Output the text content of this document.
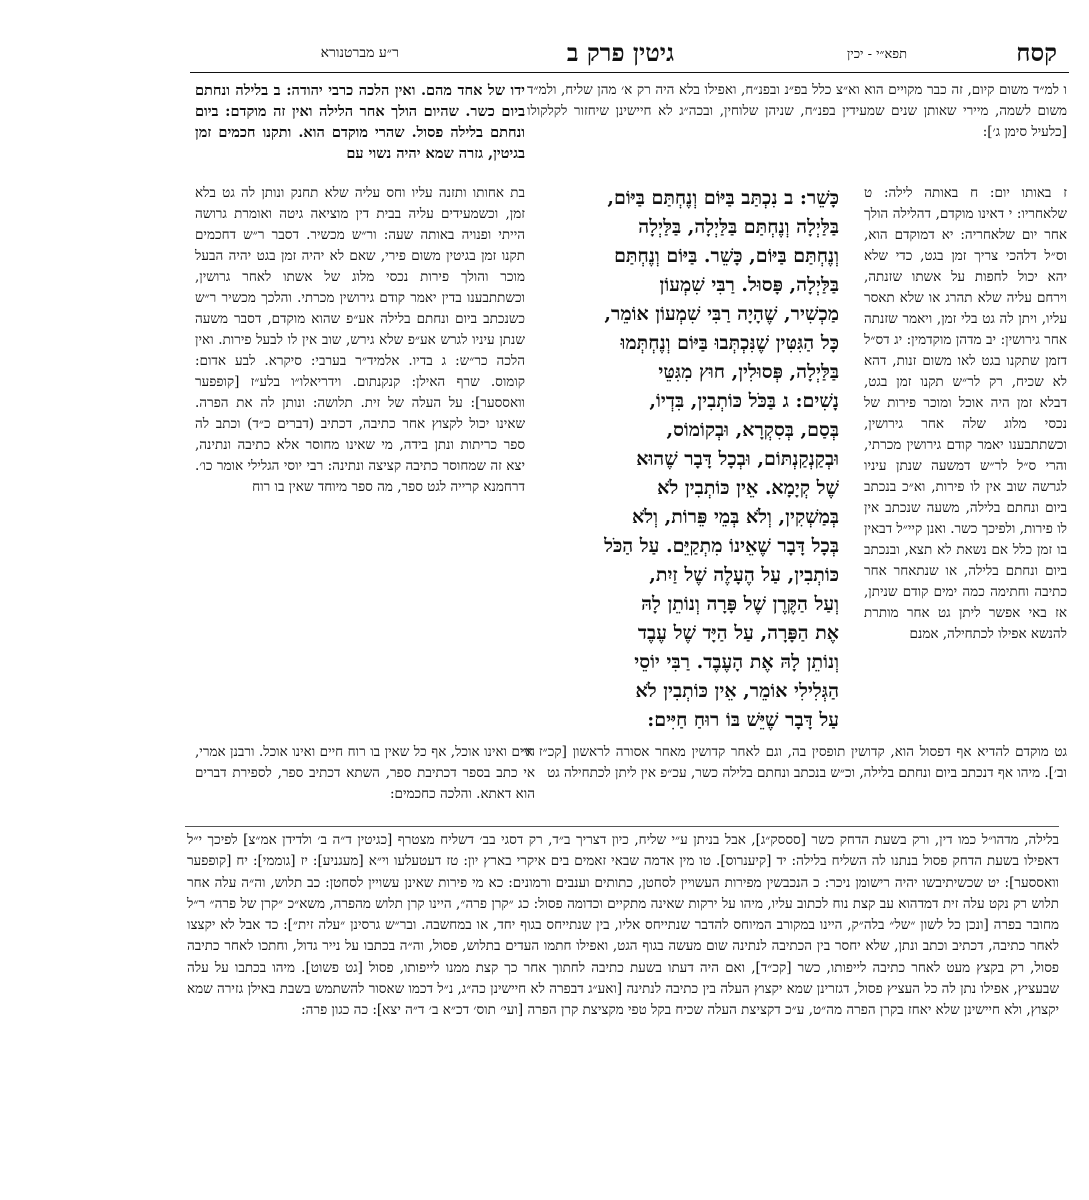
קסח
תפא״י - יכין
גיטין פרק ב
ר״ע מברטנורא
ו למ״ד משום קיום, זה כבר מקויים הוא וא״צ כלל בפ״נ ובפנ״ח, ואפילו בלא היה רק א׳ מהן שליח, ולמ״ד משום לשמה, מיירי שאותן שנים שמעידין בפנ״ח, שניהן שלוחין, ובכה״ג לא חיישינן שיחזור לקלקולו [כלעיל סימן ג׳]:
ז באותו יום: ח באותה לילה: ט שלאחריו: י דאינו מוקדם, דהלילה הולך אחר יום שלאחריה: יא דמוקדם הוא, וס״ל דלהכי צריך זמן בגט, כדי שלא יהא יכול לחפות על אשתו שזנתה, וירחם עליה שלא תהרג או שלא תאסר עליו, ויתן לה גט בלי זמן, ויאמר שזנתה אחר גירושין: יב מדהן מוקדמין: יג דס״ל דזמן שתקנו בגט לאו משום זנות, דהא לא שכיח, רק לר״ש תקנו זמן בגט, דבלא זמן היה אוכל ומוכר פירות של נכסי מלוג שלה אחר גירושין, וכשתתבענו יאמר קודם גירושין מכרתי, והרי ס״ל לר״ש דמשעה שנתן עיניו לגרשה שוב אין לו פירות, וא״כ בנכתב ביום ונחתם בלילה, משעה שנכתב אין לו פירות, ולפיכך כשר. ואנן קיי״ל דבאין בו זמן כלל אם נשאת לא תצא, ובנכתב ביום ונחתם בלילה, או שנתאחר אחר כתיבה וחתימה כמה ימים קודם שניתן, אז באי אפשר ליתן גט אחר מותרת להנשא אפילו לכתחילה, אמנם
כָּשֵׁר: ב נִכְתַּב בַּיּוֹם וְנֶחְתַּם בַּיּוֹם,
בַּלַּיְלָה וְנֶחְתַּם בַּלַּיְלָה, בַּלַּיְלָה
וְנֶחְתַּם בַּיּוֹם, כָּשֵׁר. בַּיּוֹם וְנֶחְתַּם
בַּלַּיְלָה, פָּסוּל. רַבִּי שִׁמְעוֹן
מַכְשִׁיר, שֶׁהָיָה רַבִּי שִׁמְעוֹן אוֹמֵר,
כָּל הַגִּטִּין שֶׁנִּכְתְּבוּ בַּיּוֹם וְנֶחְתְּמוּ
בַּלַּיְלָה, פְּסוּלִין, חוּץ מִגִּטֵּי
נָשִׁים: ג בַּכֹּל כּוֹתְבִין, בִּדְיוֹ,
בְּסַם, בְּסִקְרָא, וּבְקוֹמוֹס,
וּבְקַנְקַנְתּוֹם, וּבְכָל דָּבָר שֶׁהוּא
שֶׁל קְיָמָא. אֵין כּוֹתְבִין לֹא
בְּמַשְׁקִין, וְלֹא בְּמֵי פֵּרוֹת, וְלֹא
בְּכָל דָּבָר שֶׁאֵינוֹ מִתְקַיֵּם. עַל הַכֹּל
כּוֹתְבִין, עַל הֶעָלֶה שֶׁל זַיִת,
וְעַל הַקֶּרֶן שֶׁל פָּרָה וְנוֹתֵן לָהּ
אֶת הַפָּרָה, עַל הַיָּד שֶׁל עֶבֶד
וְנוֹתֵן לָהּ אֶת הָעֶבֶד. רַבִּי יוֹסֵי
הַגְּלִילִי אוֹמֵר, אֵין כּוֹתְבִין לֹא
עַל דָּבָר שֶׁיֵּשׁ בּוֹ רוּחַ חַיִּים:
ידו של אחד מהם. ואין הלכה כרבי יהודה: ב בלילה ונחתם ביום כשר. שהיום הולך אחר הלילה ואין זה מוקדם: ביום ונחתם בלילה פסול. שהרי מוקדם הוא. ותקנו חכמים זמן בגיטין, גזרה שמא יהיה נשוי עם
בת אחותו ותזנה עליו וחס עליה שלא תחנק ונותן לה גט בלא זמן, וכשמעידים עליה בבית דין מוציאה גיטה ואומרת גרושה הייתי ופנויה באותה שעה: ור״ש מכשיר. דסבר ר״ש דחכמים תקנו זמן בגיטין משום פירי, שאם לא יהיה זמן בגט יהיה הבעל מוכר והולך פירות נכסי מלוג של אשתו לאחר גרושין, וכשתתבענו בדין יאמר קודם גירושין מכרתי. והלכך מכשיר ר״ש כשנכתב ביום ונחתם בלילה אע״פ שהוא מוקדם, דסבר משעה שנתן עיניו לגרש אע״פ שלא גירש, שוב אין לו לבעל פירות. ואין הלכה כר״ש: ג בדיו. אלמיד״ר בערבי: סיקרא. לבע אדום: קומוס. שרף האילן: קנקנתום. וידריאלו״ו בלע״ז [קופפער וואססער]: על העלה של זית. תלושה: ונותן לה את הפרה. שאינו יכול לקצוץ אחר כתיבה, דכתיב (דברים כ״ד) וכתב לה ספר כריתות ונתן בידה, מי שאינו מחוסר אלא כתיבה ונתינה, יצא זה שמחוסר כתיבה קציצה ונתינה: רבי יוסי הגלילי אומר כו׳. דרחמנא קרייה לגט ספר, מה ספר מיוחד שאין בו רוח
גט מוקדם להדיא אף דפסול הוא, קדושין תופסין בה, וגם לאחר קדושין מאחר אסורה לראשון [קכ״ז א׳ וב׳]. מיהו אף דנכתב ביום ונחתם בלילה, וכ״ש בנכתב ונחתם בלילה כשר, עכ״פ אין ליתן לכתחילה גט
חיים ואינו אוכל, אף כל שאין בו רוח חיים ואינו אוכל. ורבנן אמרי, אי כתב בספר דכתיבת ספר, השתא דכתיב ספר, לספירת דברים הוא דאתא. והלכה כחכמים:
בלילה, מדהו״ל כמו דין, ורק בשעת הדחק כשר [סססק״ג], אבל בניתן ע״י שליח, כיון דצריך ב״ד, רק דסגי בב׳ דשליח מצטרף [כגיטין ד״ה ב׳ ולדידן אמ״צ] לפיכך י״ל דאפילו בשעת הדחק פסול בנתנו לה השליח בלילה: יד [קיענרוס]. טו מין אדמה שבאי זאמים בים איקרי בארץ יון: טז דעטעלעו וי״א [מעגניע]: יז [גוממי]: יח [קופפער וואססער]: יט שכשיתיבשו יהיה רישומן ניכר: כ הנכבשין מפירות העשויין לסחטן, כתותים וענבים ורמונים: כא מי פירות שאינן עשויין לסחטן: כב תלוש, וה״ה עלה אחר תלוש רק נקט עלה זית דמדהוא עב קצת נוח לכתוב עליו, מיהו על ירקות שאינה מתקיים וכדומה פסול: כג ״קרן פרה״, היינו קרן תלוש מהפרה, משא״כ ״קרן של פרה״ ר״ל מחובר בפרה [ונכן כל לשון ״של״ בלה״ק, היינו במקורב המיוחס להדבר שנתייחס אליו, בין שנתייחס בגוף יחד, או במחשבה. ובר״ש גרסינן ״עלה זית״]: כד אבל לא יקצצו לאחר כתיבה, דכתיב וכתב ונתן, שלא יחסר בין הכתיבה לנתינה שום מעשה בגוף הגט, ואפילו חתמו העדים בתלוש, פסול, וה״ה בכתבו על נייר גדול, וחתכו לאחר כתיבה פסול, רק בקצץ מעט לאחר כתיבה לייפותו, כשר [קכ״ד], ואם היה דעתו בשעת כתיבה לחתוך אחר כך קצת ממנו לייפותו, פסול [גט פשוט]. מיהו בכתבו על עלה שבעציץ, אפילו נתן לה כל העציץ פסול, דגזרינן שמא יקצוץ העלה בין כתיבה לנתינה [ואע״ג דבפרה לא חיישינן כה״ג, נ״ל דכמו שאסור להשתמש בשבת באילן גזירה שמא יקצוץ, ולא חיישינן שלא יאחז בקרן הפרה מה״ט, ע״כ דקציצת העלה שכיח בקל טפי מקציצת קרן הפרה [ועי׳ תוס׳ דכ״א ב׳ ד״ה יצא]: כה כגון פרה:
